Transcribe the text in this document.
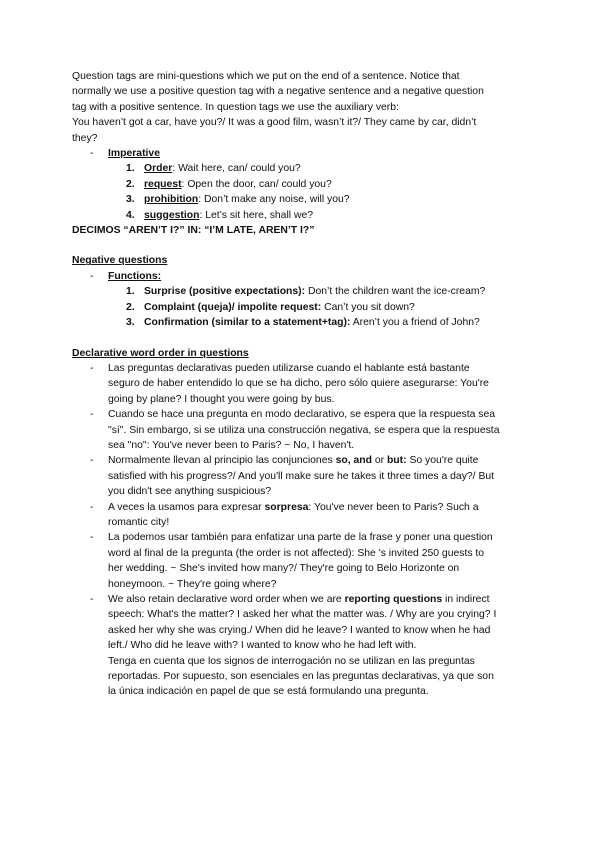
Question tags are mini-questions which we put on the end of a sentence. Notice that

normally we use a positive question tag with a negative sentence and a negative question

tag with a positive sentence. In question tags we use the auxiliary verb:

You haven’t got a car, have you?/ It was a good film, wasn’t it?/ They came by car, didn’t

they?

- Imperative
1. Order: Wait here, can/ could you?
2. request: Open the door, can/ could you?
3. prohibition: Don’t make any noise, will you?
4. suggestion: Let’s sit here, shall we?

DECIMOS “AREN’T I?” IN: “I’M LATE, AREN’T I?”

Negative questions

- Functions:
1. Surprise (positive expectations): Don’t the children want the ice-cream?
2. Complaint (queja)/ impolite request: Can’t you sit down?
3. Confirmation (similar to a statement+tag): Aren’t you a friend of John?

Declarative word order in questions

- Las preguntas declarativas pueden utilizarse cuando el hablante está bastante

seguro de haber entendido lo que se ha dicho, pero sólo quiere asegurarse: You're

going by plane? I thought you were going by bus.

- Cuando se hace una pregunta en modo declarativo, se espera que la respuesta sea

"sí". Sin embargo, si se utiliza una construcción negativa, se espera que la respuesta

sea "no": You've never been to Paris? ~ No, I haven't.

- Normalmente llevan al principio las conjunciones so, and or but: So you're quite

satisfied with his progress?/ And you'll make sure he takes it three times a day?/ But

you didn't see anything suspicious?

- A veces la usamos para expresar sorpresa: You've never been to Paris? Such a

romantic city!

- La podemos usar también para enfatizar una parte de la frase y poner una question

word al final de la pregunta (the order is not affected): She 's invited 250 guests to

her wedding. ~ She's invited how many?/ They're going to Belo Horizonte on

honeymoon. ~ They're going where?

- We also retain declarative word order when we are reporting questions in indirect

speech: What's the matter? I asked her what the matter was. / Why are you crying? I

asked her why she was crying./ When did he leave? I wanted to know when he had

left./ Who did he leave with? I wanted to know who he had left with.

Tenga en cuenta que los signos de interrogación no se utilizan en las preguntas

reportadas. Por supuesto, son esenciales en las preguntas declarativas, ya que son

la única indicación en papel de que se está formulando una pregunta.
